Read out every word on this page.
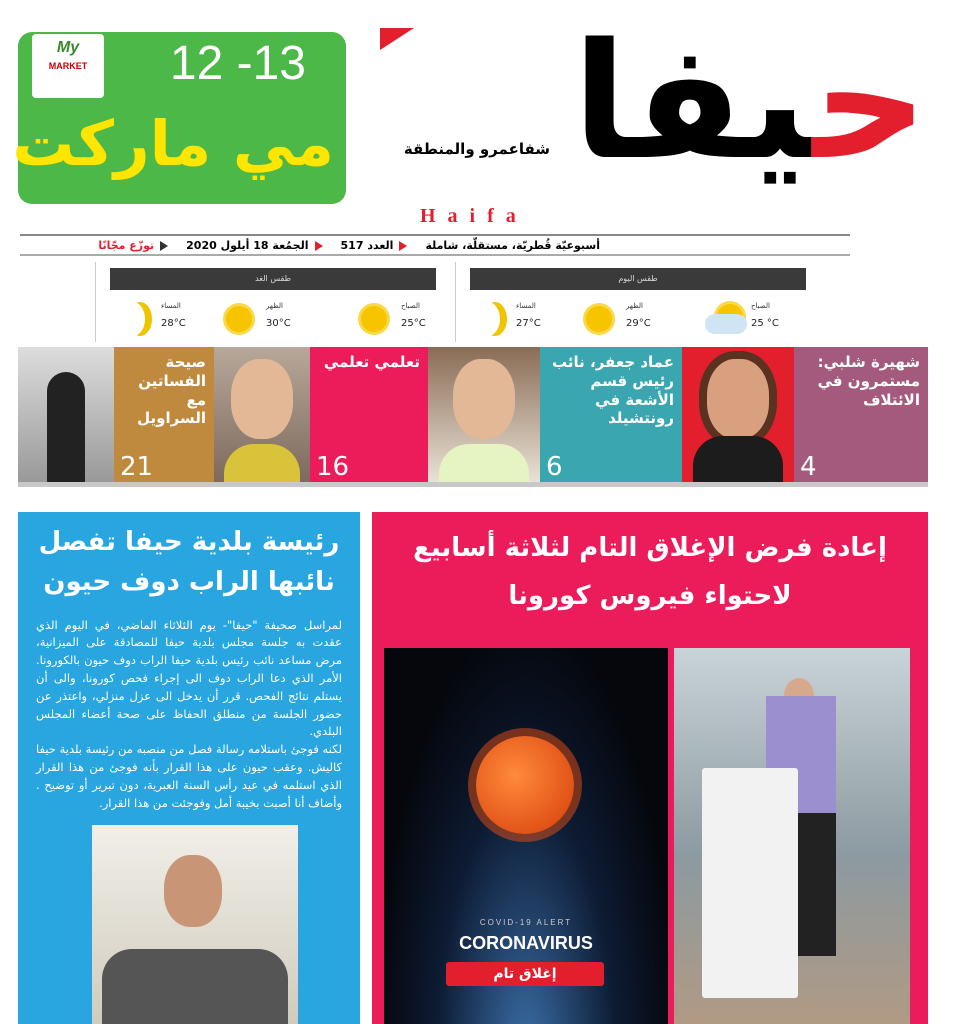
My
MARKET	12 -13
مي ماركت	حيفا
شفاعمرو والمنطقة
Haifa
أسبوعيّة قُطريّة، مستقلّة، شاملة
العدد 517
الجمُعة 18 أيلول 2020
توزّع مجّانًا
طقس اليوم
الصباح
25 °C
الظهر
29°C
المساء
27°C
طقس الغد
الصباح
25°C
الظهر
30°C
المساء
28°C
صيحة الفساتين مع السراويل
21
تعلمي تعلمي
16
عماد جعفر، نائب رئيس قسم الأشعة في رونتشيلد
6
شهيرة شلبي: مستمرون في الائتلاف
4
رئيسة بلدية حيفا تفصل نائبها الراب دوف حيون

لمراسل صحيفة "حيفا"- يوم الثلاثاء الماضي، في اليوم الذي عقدت به جلسة مجلس بلدية حيفا للمصادقة على الميزانية، مرض مساعد نائب رئيس بلدية حيفا الراب دوف حيون بالكورونا. الأمر الذي دعا الراب دوف الى إجراء فحص كورونا، والى أن يستلم نتائج الفحص. قرر أن يدخل الى عزل منزلي، واعتذر عن حضور الجلسة من منطلق الحفاظ على صحة أعضاء المجلس البلدي.

لكنه فوجئ باستلامه رسالة فصل من منصبه من رئيسة بلدية حيفا كاليش. وعقب حيون على هذا القرار بأنه فوجئ من هذا القرار الذي استلمه في عيد رأس السنة العبرية، دون تبرير أو توضيح . وأضاف أنا أصبت بخيبة أمل وفوجئت من هذا القرار.

إعادة فرض الإغلاق التام لثلاثة أسابيع لاحتواء فيروس كورونا
COVID-19 ALERT
CORONAVIRUS
إغلاق تام
